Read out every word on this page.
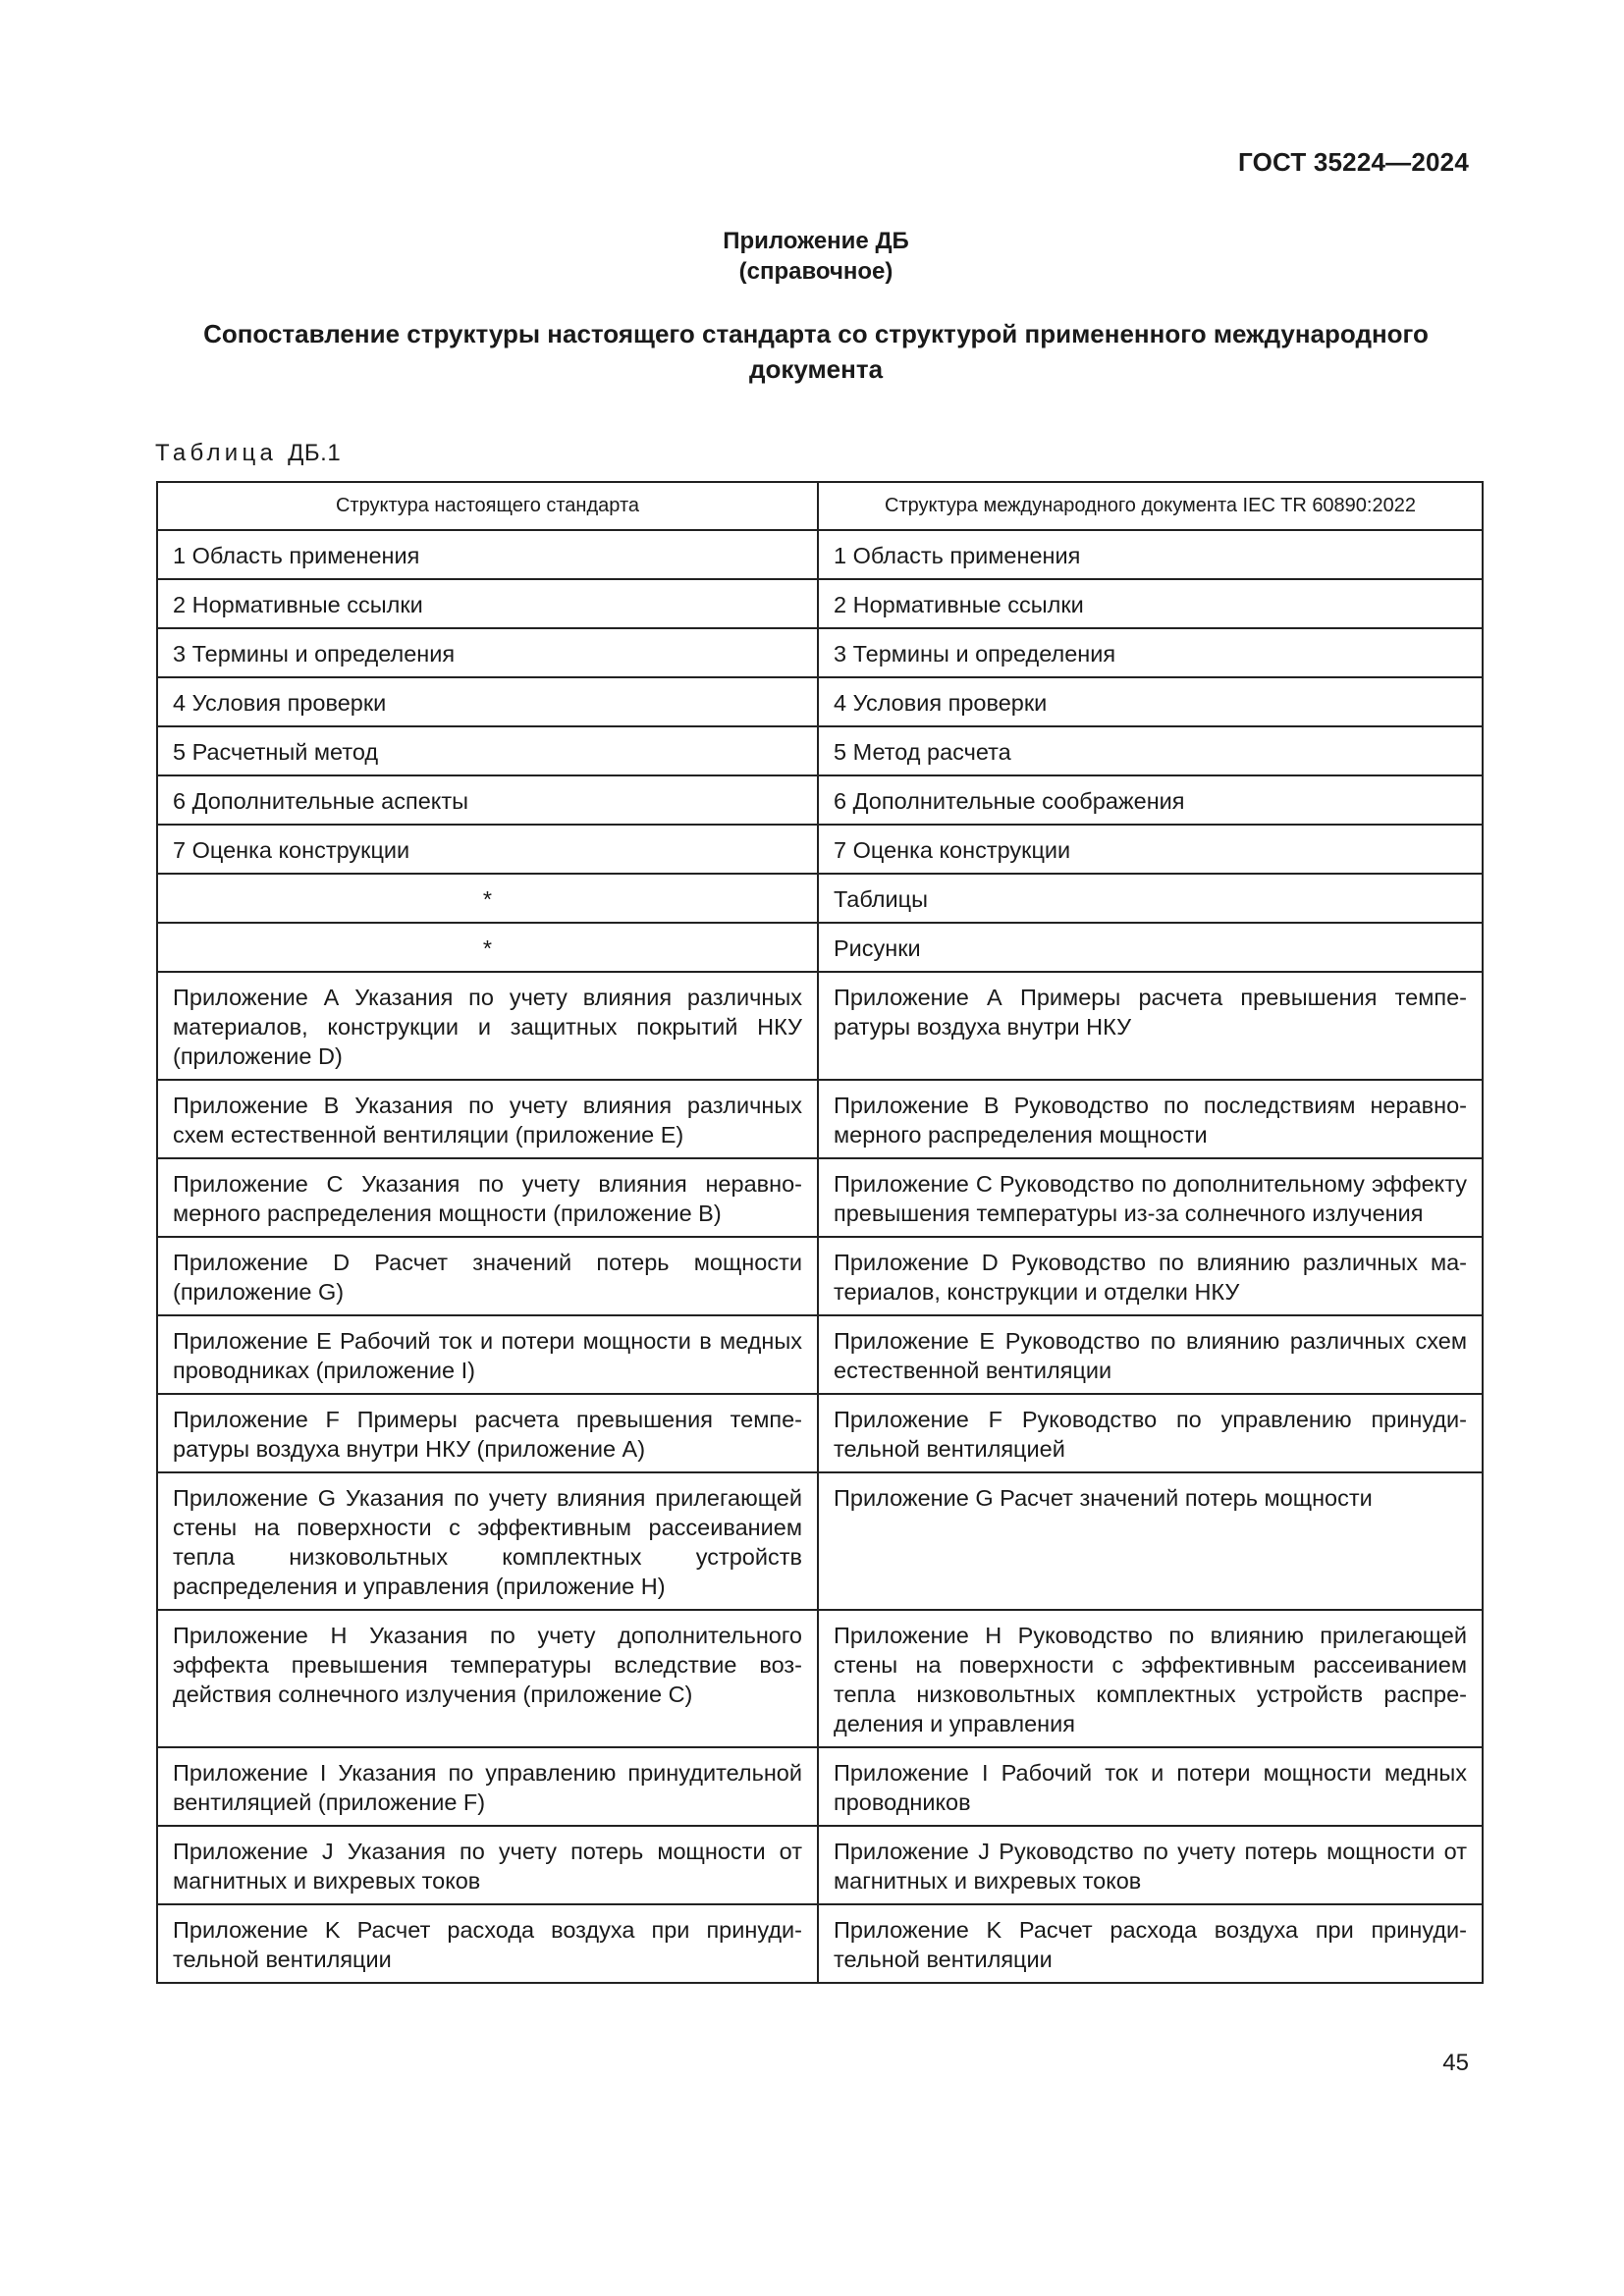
ГОСТ 35224—2024
Приложение ДБ
(справочное)
Сопоставление структуры настоящего стандарта со структурой примененного международного
документа
Таблица ДБ.1
Структура настоящего стандарта	Структура международного документа IEC TR 60890:2022
1 Область применения	1 Область применения
2 Нормативные ссылки	2 Нормативные ссылки
3 Термины и определения	3 Термины и определения
4 Условия проверки	4 Условия проверки
5 Расчетный метод	5 Метод расчета
6 Дополнительные аспекты	6 Дополнительные соображения
7 Оценка конструкции	7 Оценка конструкции
*	Таблицы
*	Рисунки
Приложение А Указания по учету влияния различных материалов, конструкции и защитных покрытий НКУ (приложение D)	Приложение А Примеры расчета превышения температуры воздуха внутри НКУ
Приложение В Указания по учету влияния различных схем естественной вентиляции (приложение Е)	Приложение В Руководство по последствиям неравномерного распределения мощности
Приложение С Указания по учету влияния неравномерного распределения мощности (приложение В)	Приложение С Руководство по дополнительному эффекту превышения температуры из-за солнечного излучения
Приложение D Расчет значений потерь мощности (приложение G)	Приложение D Руководство по влиянию различных материалов, конструкции и отделки НКУ
Приложение Е Рабочий ток и потери мощности в медных проводниках (приложение I)	Приложение Е Руководство по влиянию различных схем естественной вентиляции
Приложение F Примеры расчета превышения температуры воздуха внутри НКУ (приложение А)	Приложение F Руководство по управлению принудительной вентиляцией
Приложение G Указания по учету влияния прилегающей стены на поверхности с эффективным рассеиванием тепла низковольтных комплектных устройств распределения и управления (приложение Н)	Приложение G Расчет значений потерь мощности
Приложение Н Указания по учету дополнительного эффекта превышения температуры вследствие воздействия солнечного излучения (приложение С)	Приложение Н Руководство по влиянию прилегающей стены на поверхности с эффективным рассеиванием тепла низковольтных комплектных устройств распределения и управления
Приложение I Указания по управлению принудительной вентиляцией (приложение F)	Приложение I Рабочий ток и потери мощности медных проводников
Приложение J Указания по учету потерь мощности от магнитных и вихревых токов	Приложение J Руководство по учету потерь мощности от магнитных и вихревых токов
Приложение K Расчет расхода воздуха при принудительной вентиляции	Приложение K Расчет расхода воздуха при принудительной вентиляции
45
